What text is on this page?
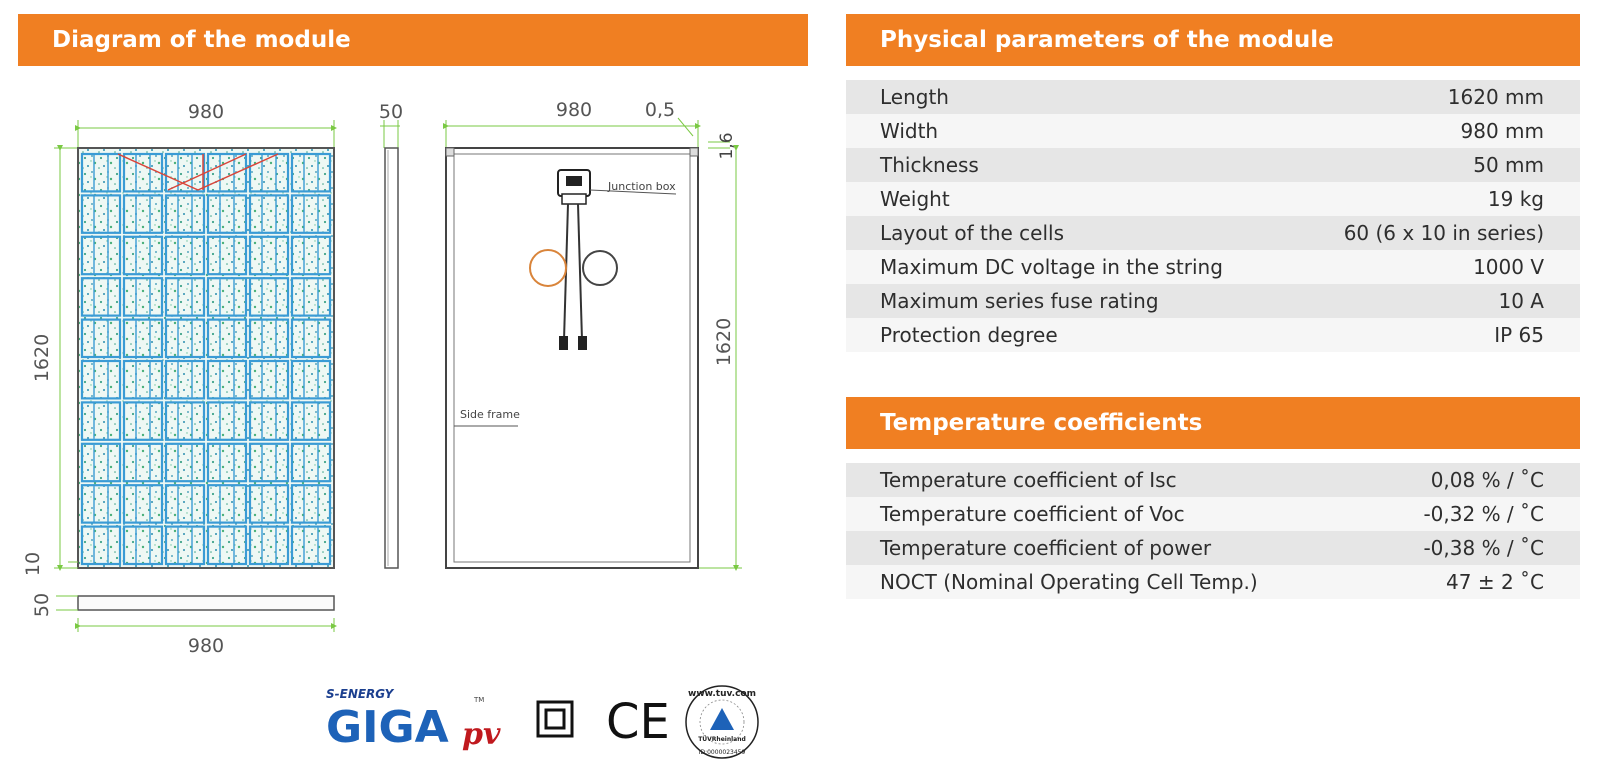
Diagram of the module	Physical parameters of the module
Length	1620 mm
Width	980 mm
Thickness	50 mm
Weight	19 kg
Layout of the cells	60 (6 x 10 in series)
Maximum DC voltage in the string	1000 V
Maximum series fuse rating	10 A
Protection degree	IP 65
Temperature coefficients
Temperature coefficient of Isc	0,08 % / ˚C
Temperature coefficient of Voc	-0,32 % / ˚C
Temperature coefficient of power	-0,38 % / ˚C
NOCT (Nominal Operating Cell Temp.)	47 ± 2 ˚C
980
1620
10
50
980
50	980	0,5
1,6
1620
Junction box
Side frame
S-ENERGY
GIGA pv
TM	CE www.tuv.com
TÜVRheinland
ID:0000023459
